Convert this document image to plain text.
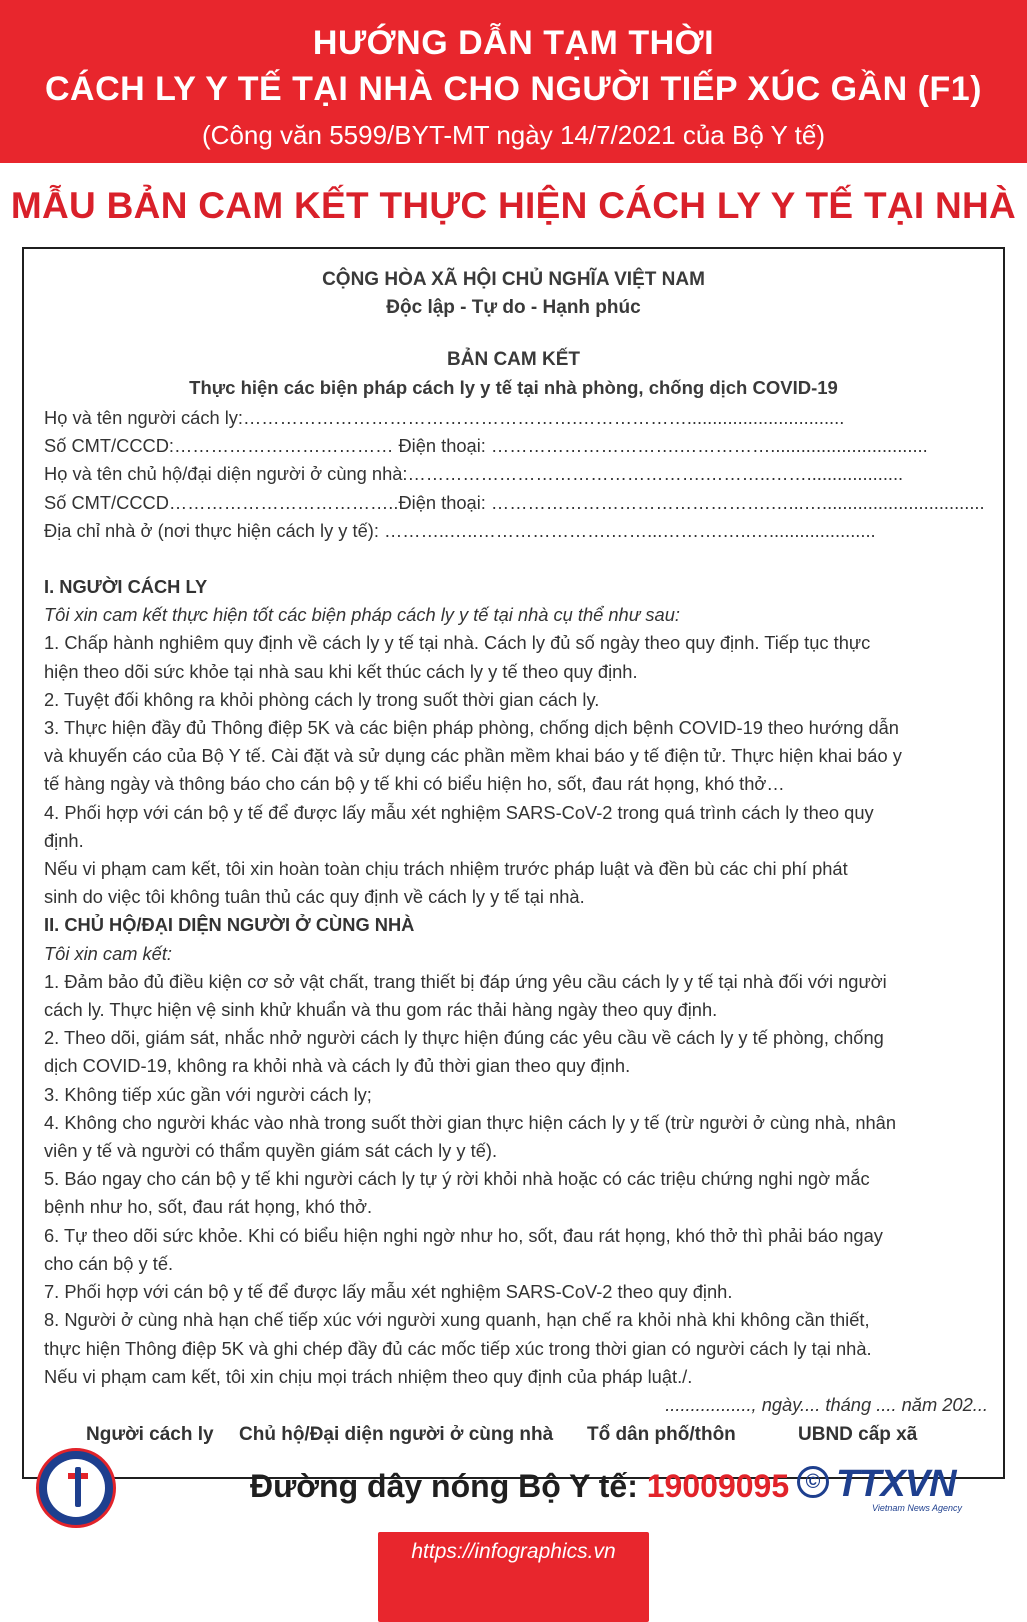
HƯỚNG DẪN TẠM THỜI
CÁCH LY Y TẾ TẠI NHÀ CHO NGƯỜI TIẾP XÚC GẦN (F1)
(Công văn 5599/BYT-MT ngày 14/7/2021 của Bộ Y tế)
MẪU BẢN CAM KẾT THỰC HIỆN CÁCH LY Y TẾ TẠI NHÀ
CỘNG HÒA XÃ HỘI CHỦ NGHĨA VIỆT NAM
Độc lập - Tự do - Hạnh phúc
BẢN CAM KẾT
Thực hiện các biện pháp cách ly y tế tại nhà phòng, chống dịch COVID-19
Họ và tên người cách ly:……………………………………………….………………...............................
Số CMT/CCCD:……………………………… Điện thoại: ………………………….……………...............................
Họ và tên chủ hộ/đại diện người ở cùng nhà:………………………………………….………..……...................
Số CMT/CCCD………………………………..Điện thoại: ……………………………………….…...…................................
Địa chỉ nhà ở (nơi thực hiện cách ly y tế): ………..…..………………….……...……….…..….....................
I. NGƯỜI CÁCH LY
Tôi xin cam kết thực hiện tốt các biện pháp cách ly y tế tại nhà cụ thể như sau:
1. Chấp hành nghiêm quy định về cách ly y tế tại nhà. Cách ly đủ số ngày theo quy định. Tiếp tục thực
hiện theo dõi sức khỏe tại nhà sau khi kết thúc cách ly y tế theo quy định.
2. Tuyệt đối không ra khỏi phòng cách ly trong suốt thời gian cách ly.
3. Thực hiện đầy đủ Thông điệp 5K và các biện pháp phòng, chống dịch bệnh COVID-19 theo hướng dẫn
và khuyến cáo của Bộ Y tế. Cài đặt và sử dụng các phần mềm khai báo y tế điện tử. Thực hiện khai báo y
tế hàng ngày và thông báo cho cán bộ y tế khi có biểu hiện ho, sốt, đau rát họng, khó thở…
4. Phối hợp với cán bộ y tế để được lấy mẫu xét nghiệm SARS-CoV-2 trong quá trình cách ly theo quy
định.
Nếu vi phạm cam kết, tôi xin hoàn toàn chịu trách nhiệm trước pháp luật và đền bù các chi phí phát
sinh do việc tôi không tuân thủ các quy định về cách ly y tế tại nhà.
II. CHỦ HỘ/ĐẠI DIỆN NGƯỜI Ở CÙNG NHÀ
Tôi xin cam kết:
1. Đảm bảo đủ điều kiện cơ sở vật chất, trang thiết bị đáp ứng yêu cầu cách ly y tế tại nhà đối với người
cách ly. Thực hiện vệ sinh khử khuẩn và thu gom rác thải hàng ngày theo quy định.
2. Theo dõi, giám sát, nhắc nhở người cách ly thực hiện đúng các yêu cầu về cách ly y tế phòng, chống
dịch COVID-19, không ra khỏi nhà và cách ly đủ thời gian theo quy định.
3. Không tiếp xúc gần với người cách ly;
4. Không cho người khác vào nhà trong suốt thời gian thực hiện cách ly y tế (trừ người ở cùng nhà, nhân
viên y tế và người có thẩm quyền giám sát cách ly y tế).
5. Báo ngay cho cán bộ y tế khi người cách ly tự ý rời khỏi nhà hoặc có các triệu chứng nghi ngờ mắc
bệnh như ho, sốt, đau rát họng, khó thở.
6. Tự theo dõi sức khỏe. Khi có biểu hiện nghi ngờ như ho, sốt, đau rát họng, khó thở thì phải báo ngay
cho cán bộ y tế.
7. Phối hợp với cán bộ y tế để được lấy mẫu xét nghiệm SARS-CoV-2 theo quy định.
8. Người ở cùng nhà hạn chế tiếp xúc với người xung quanh, hạn chế ra khỏi nhà khi không cần thiết,
thực hiện Thông điệp 5K và ghi chép đầy đủ các mốc tiếp xúc trong thời gian có người cách ly tại nhà.
Nếu vi phạm cam kết, tôi xin chịu mọi trách nhiệm theo quy định của pháp luật./.
................., ngày.... tháng .... năm 202...
Người cách ly Chủ hộ/Đại diện người ở cùng nhà Tổ dân phố/thôn	UBND cấp xã
Đường dây nóng Bộ Y tế: 19009095 © TTXVN
Vietnam News Agency
https://infographics.vn
